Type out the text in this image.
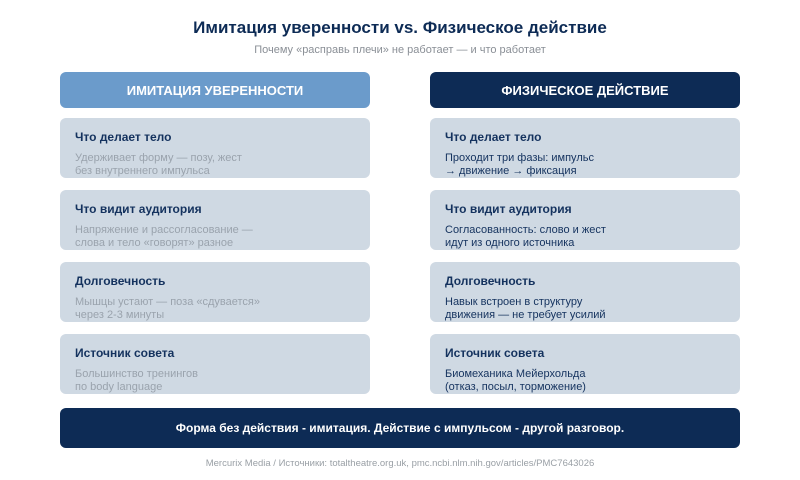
Имитация уверенности vs. Физическое действие
Почему «расправь плечи» не работает — и что работает
ИМИТАЦИЯ УВЕРЕННОСТИ
Что делает тело
Удерживает форму — позу, жест
без внутреннего импульса
Что видит аудитория
Напряжение и рассогласование —
слова и тело «говорят» разное
Долговечность
Мышцы устают — поза «сдувается»
через 2-3 минуты
Источник совета
Большинство тренингов
по body language
ФИЗИЧЕСКОЕ ДЕЙСТВИЕ
Что делает тело
Проходит три фазы: импульс
→ движение → фиксация
Что видит аудитория
Согласованность: слово и жест
идут из одного источника
Долговечность
Навык встроен в структуру
движения — не требует усилий
Источник совета
Биомеханика Мейерхольда
(отказ, посыл, торможение)
Форма без действия - имитация. Действие с импульсом - другой разговор.
Mercurix Media / Источники: totaltheatre.org.uk, pmc.ncbi.nlm.nih.gov/articles/PMC7643026
